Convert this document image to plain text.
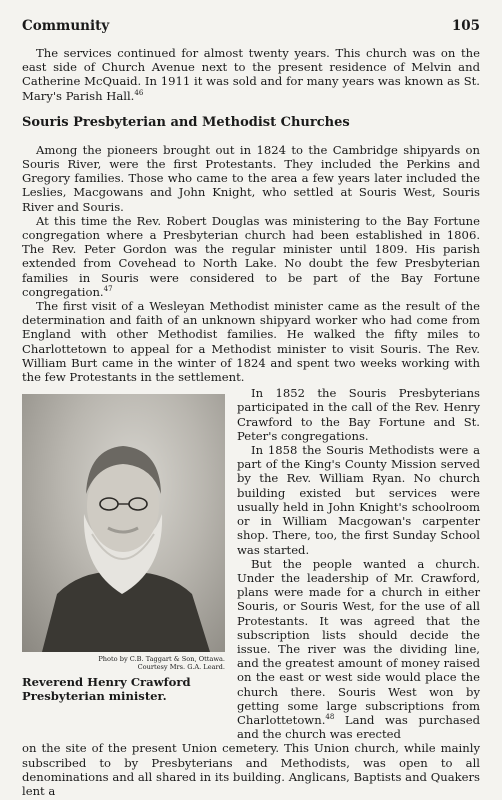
Community	105

The services continued for almost twenty years. This church was on the east side of Church Avenue next to the present residence of Melvin and Catherine McQuaid. In 1911 it was sold and for many years was known as St. Mary's Parish Hall.$^{46}$

Souris Presbyterian and Methodist Churches

Among the pioneers brought out in 1824 to the Cambridge shipyards on Souris River, were the first Protestants. They included the Perkins and Gregory families. Those who came to the area a few years later included the Leslies, Macgowans and John Knight, who settled at Souris West, Souris River and Souris.

At this time the Rev. Robert Douglas was ministering to the Bay Fortune congregation where a Presbyterian church had been established in 1806. The Rev. Peter Gordon was the regular minister until 1809. His parish extended from Covehead to North Lake. No doubt the few Presbyterian families in Souris were considered to be part of the Bay Fortune congregation.$^{47}$

The first visit of a Wesleyan Methodist minister came as the result of the determination and faith of an unknown shipyard worker who had come from England with other Methodist families. He walked the fifty miles to Charlottetown to appeal for a Methodist minister to visit Souris. The Rev. William Burt came in the winter of 1824 and spent two weeks working with the few Protestants in the settlement.

Photo by C.B. Taggart & Son, Ottawa.
Courtesy Mrs. G.A. Leard.
Reverend Henry Crawford Presbyterian minister.

In 1852 the Souris Presbyterians participated in the call of the Rev. Henry Crawford to the Bay Fortune and St. Peter's congregations.

In 1858 the Souris Methodists were a part of the King's County Mission served by the Rev. William Ryan. No church building existed but services were usually held in John Knight's schoolroom or in William Macgowan's carpenter shop. There, too, the first Sunday School was started.

But the people wanted a church. Under the leadership of Mr. Crawford, plans were made for a church in either Souris, or Souris West, for the use of all Protestants. It was agreed that the subscription lists should decide the issue. The river was the dividing line, and the greatest amount of money raised on the east or west side would place the church there. Souris West won by getting some large subscriptions from Charlottetown.$^{48}$ Land was purchased and the church was erected

on the site of the present Union cemetery. This Union church, while mainly subscribed to by Presbyterians and Methodists, was open to all denominations and all shared in its building. Anglicans, Baptists and Quakers lent a
